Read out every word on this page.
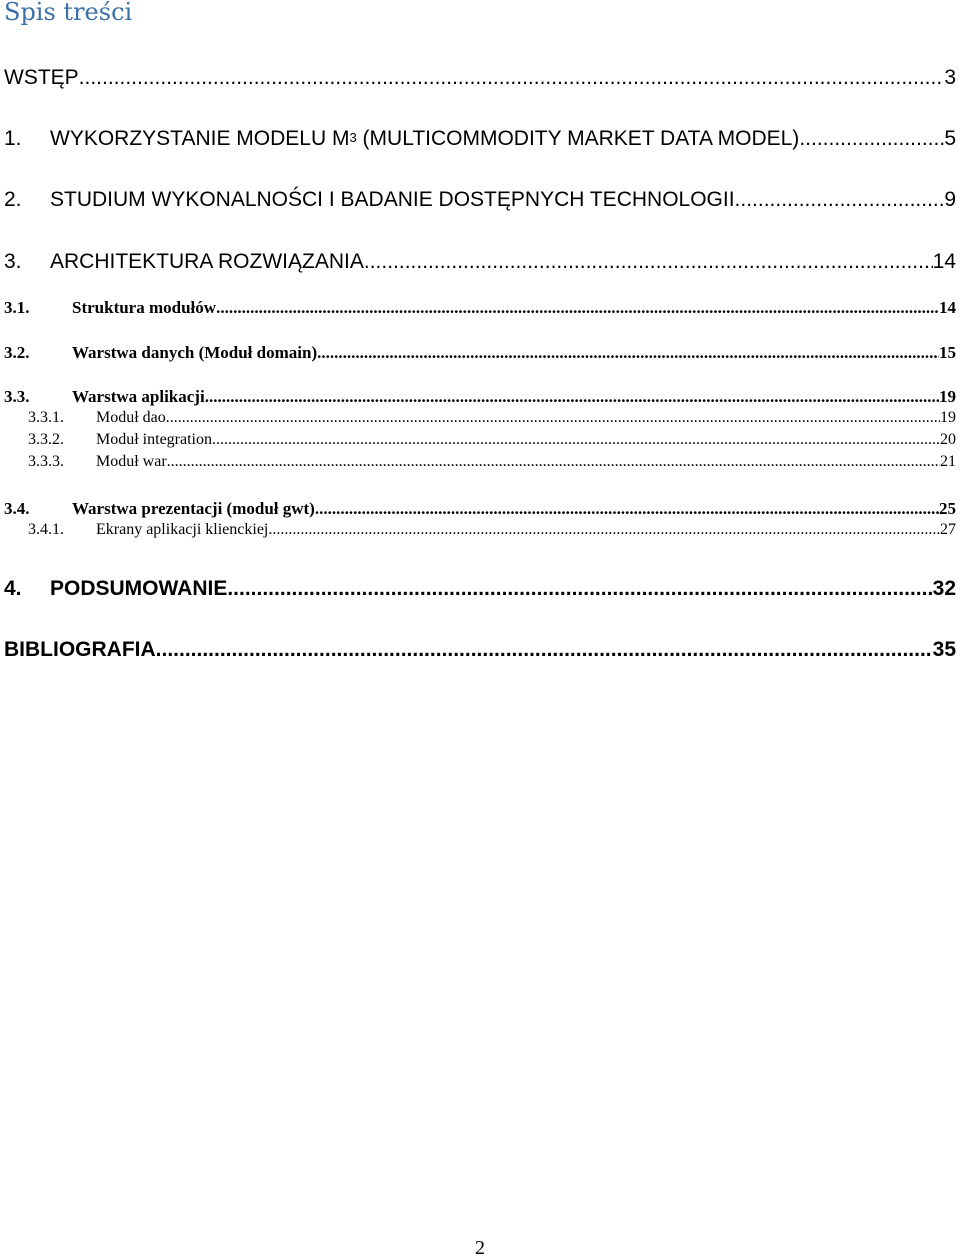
Spis treści
WSTĘP .....	3
1.	WYKORZYSTANIE MODELU $M^3$ (MULTICOMMODITY MARKET DATA MODEL) .....	5
2.	STUDIUM WYKONALNOŚCI I BADANIE DOSTĘPNYCH TECHNOLOGII .....	9
3.	ARCHITEKTURA ROZWIĄZANIA .....	14
3.1.	Struktura modułów .....	14
3.2.	Warstwa danych (Moduł domain) .....	15
3.3.	Warstwa aplikacji .....	19
3.3.1.	Moduł dao .....	19
3.3.2.	Moduł integration .....	20
3.3.3.	Moduł war .....	21
3.4.	Warstwa prezentacji (moduł gwt) .....	25
3.4.1.	Ekrany aplikacji klienckiej .....	27
4.	PODSUMOWANIE .....	32
BIBLIOGRAFIA .....	35

2
